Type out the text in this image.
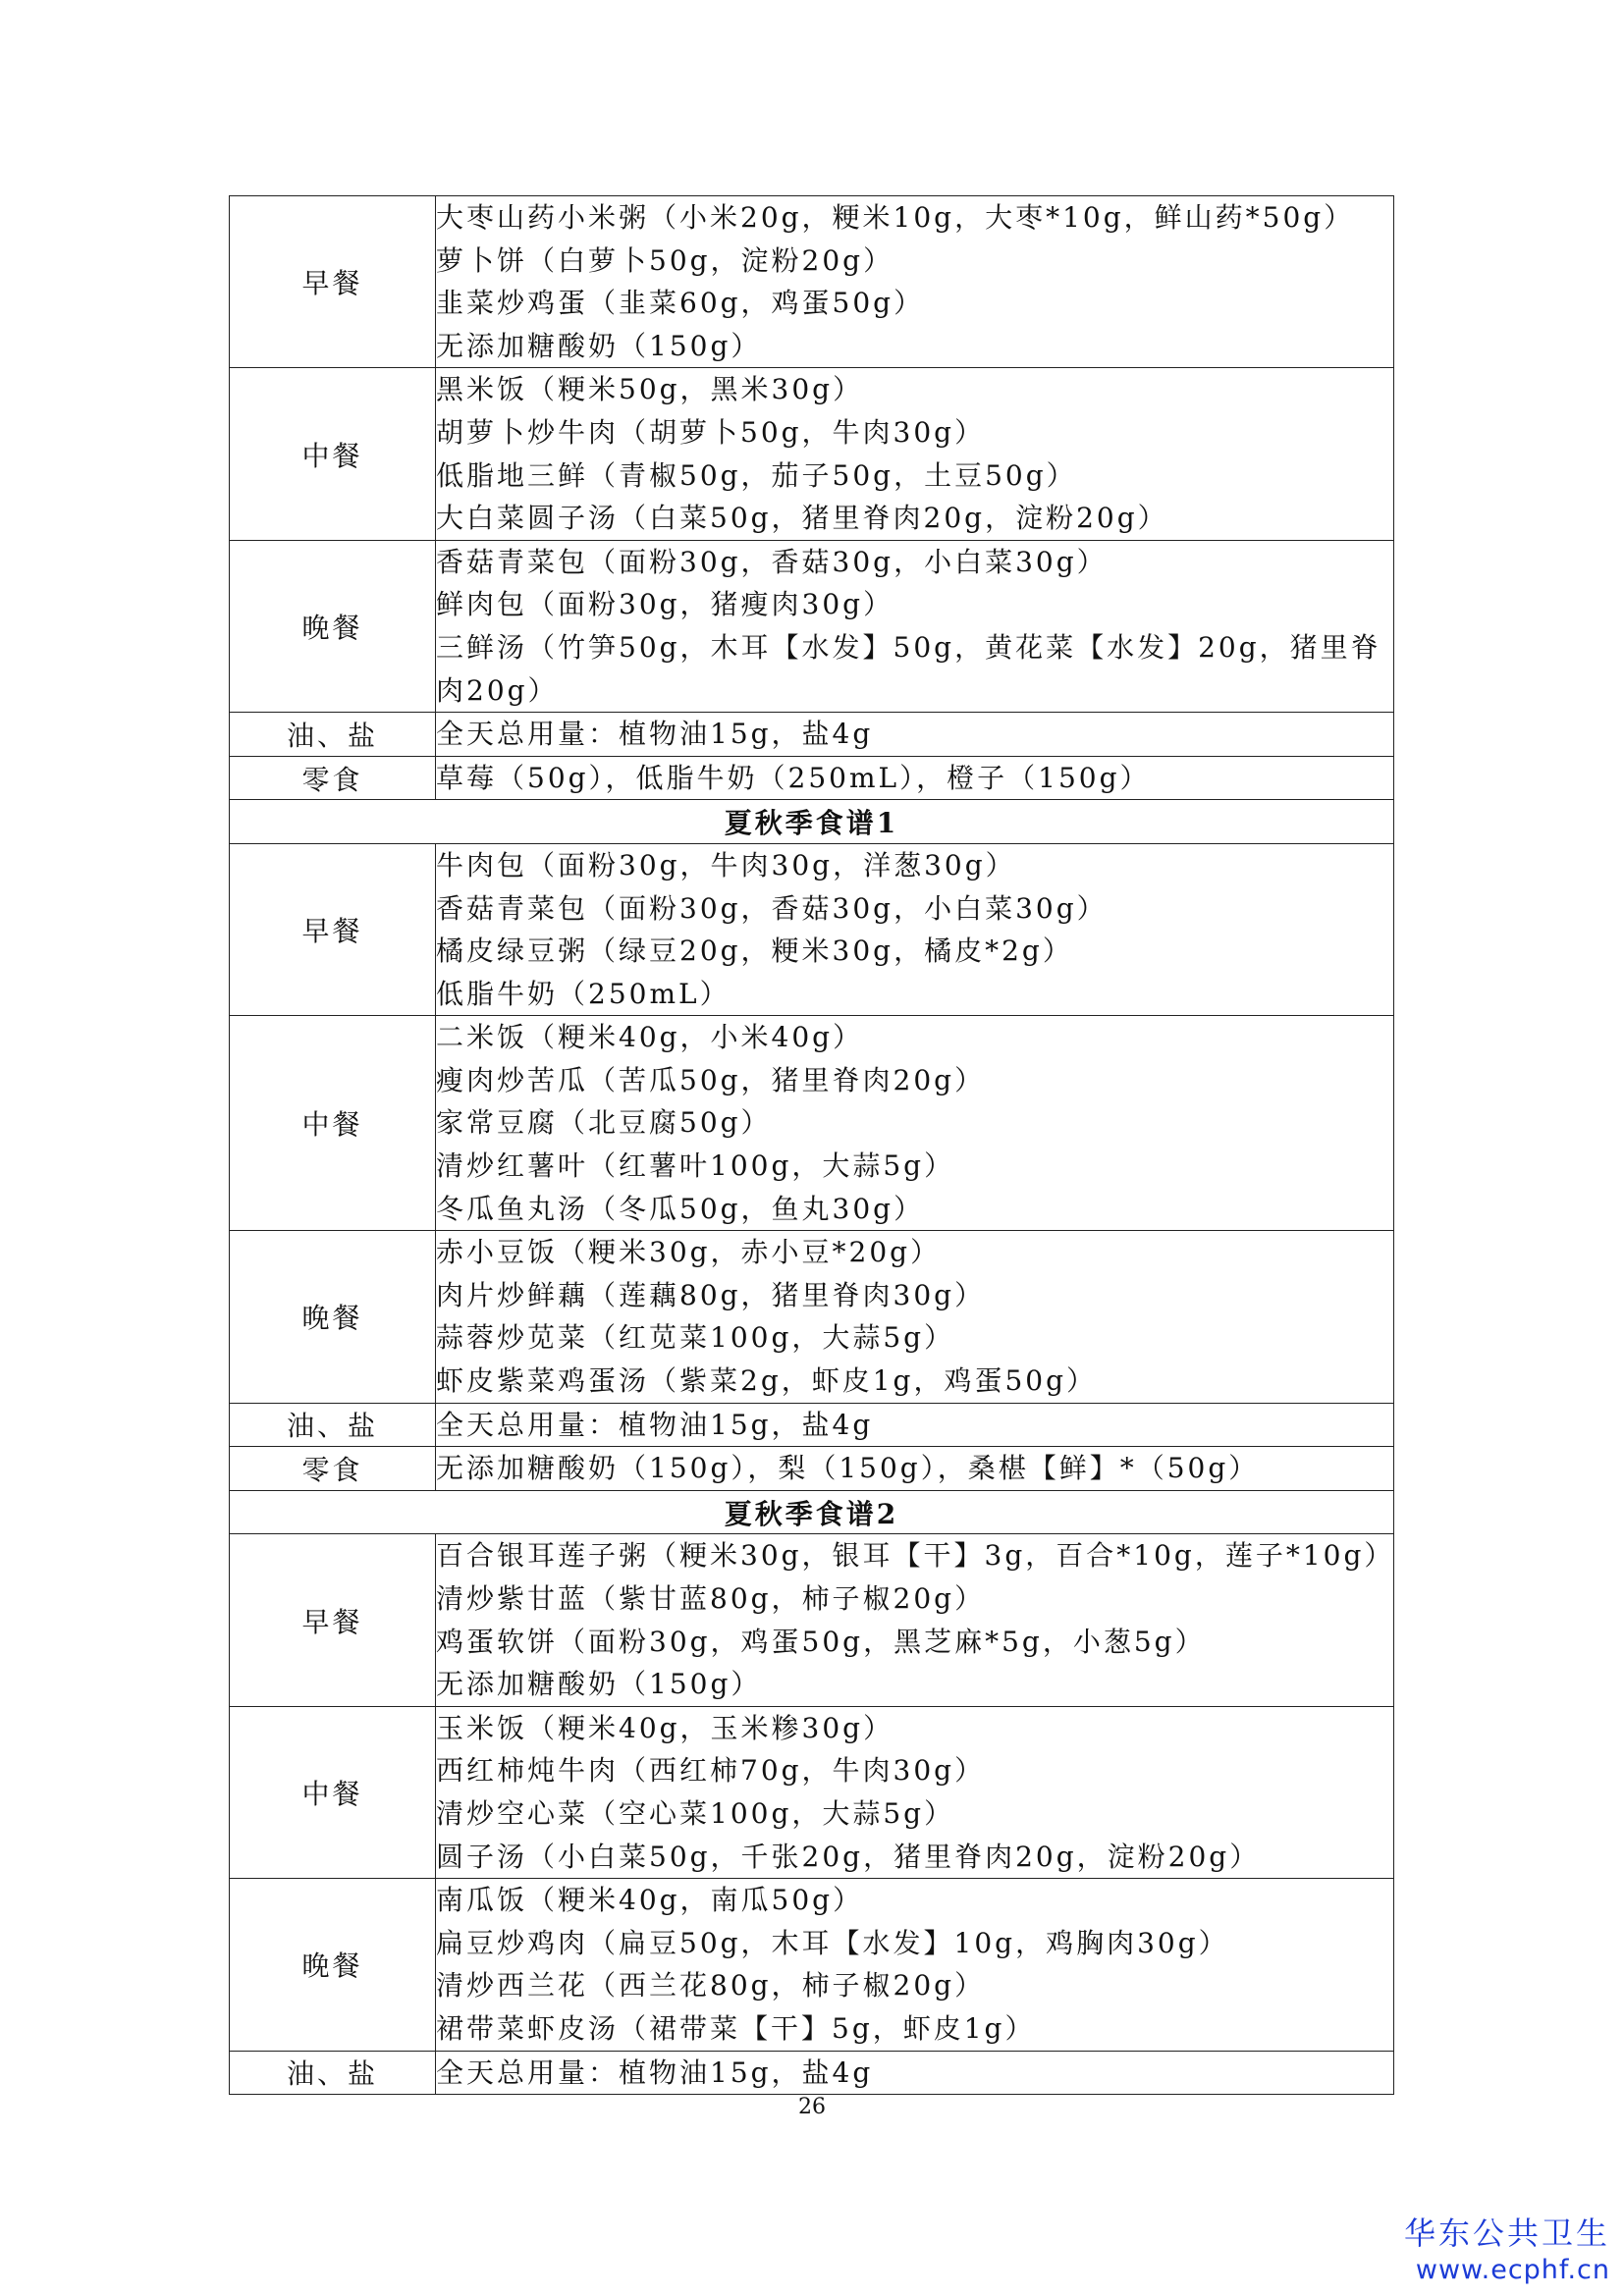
早餐	大枣山药小米粥（小米20g，粳米10g，大枣*10g，鲜山药*50g）
萝卜饼（白萝卜50g，淀粉20g）
韭菜炒鸡蛋（韭菜60g，鸡蛋50g）
无添加糖酸奶（150g）

中餐	黑米饭（粳米50g，黑米30g）
胡萝卜炒牛肉（胡萝卜50g，牛肉30g）
低脂地三鲜（青椒50g，茄子50g，土豆50g）
大白菜圆子汤（白菜50g，猪里脊肉20g，淀粉20g）

晚餐	香菇青菜包（面粉30g，香菇30g，小白菜30g）
鲜肉包（面粉30g，猪瘦肉30g）
三鲜汤（竹笋50g，木耳【水发】50g，黄花菜【水发】20g，猪里脊肉20g）

油、盐	全天总用量：植物油15g，盐4g

零食	草莓（50g），低脂牛奶（250mL），橙子（150g）

夏秋季食谱1	
早餐	牛肉包（面粉30g，牛肉30g，洋葱30g）
香菇青菜包（面粉30g，香菇30g，小白菜30g）
橘皮绿豆粥（绿豆20g，粳米30g，橘皮*2g）
低脂牛奶（250mL）

中餐	二米饭（粳米40g，小米40g）
瘦肉炒苦瓜（苦瓜50g，猪里脊肉20g）
家常豆腐（北豆腐50g）
清炒红薯叶（红薯叶100g，大蒜5g）
冬瓜鱼丸汤（冬瓜50g，鱼丸30g）

晚餐	赤小豆饭（粳米30g，赤小豆*20g）
肉片炒鲜藕（莲藕80g，猪里脊肉30g）
蒜蓉炒苋菜（红苋菜100g，大蒜5g）
虾皮紫菜鸡蛋汤（紫菜2g，虾皮1g，鸡蛋50g）

油、盐	全天总用量：植物油15g，盐4g

零食	无添加糖酸奶（150g），梨（150g），桑椹【鲜】*（50g）

夏秋季食谱2	
早餐	百合银耳莲子粥（粳米30g，银耳【干】3g，百合*10g，莲子*10g）
清炒紫甘蓝（紫甘蓝80g，柿子椒20g）
鸡蛋软饼（面粉30g，鸡蛋50g，黑芝麻*5g，小葱5g）
无添加糖酸奶（150g）

中餐	玉米饭（粳米40g，玉米糁30g）
西红柿炖牛肉（西红柿70g，牛肉30g）
清炒空心菜（空心菜100g，大蒜5g）
圆子汤（小白菜50g，千张20g，猪里脊肉20g，淀粉20g）

晚餐	南瓜饭（粳米40g，南瓜50g）
扁豆炒鸡肉（扁豆50g，木耳【水发】10g，鸡胸肉30g）
清炒西兰花（西兰花80g，柿子椒20g）
裙带菜虾皮汤（裙带菜【干】5g，虾皮1g）

油、盐	全天总用量：植物油15g，盐4g
26
华东公共卫生
www.ecphf.cn
